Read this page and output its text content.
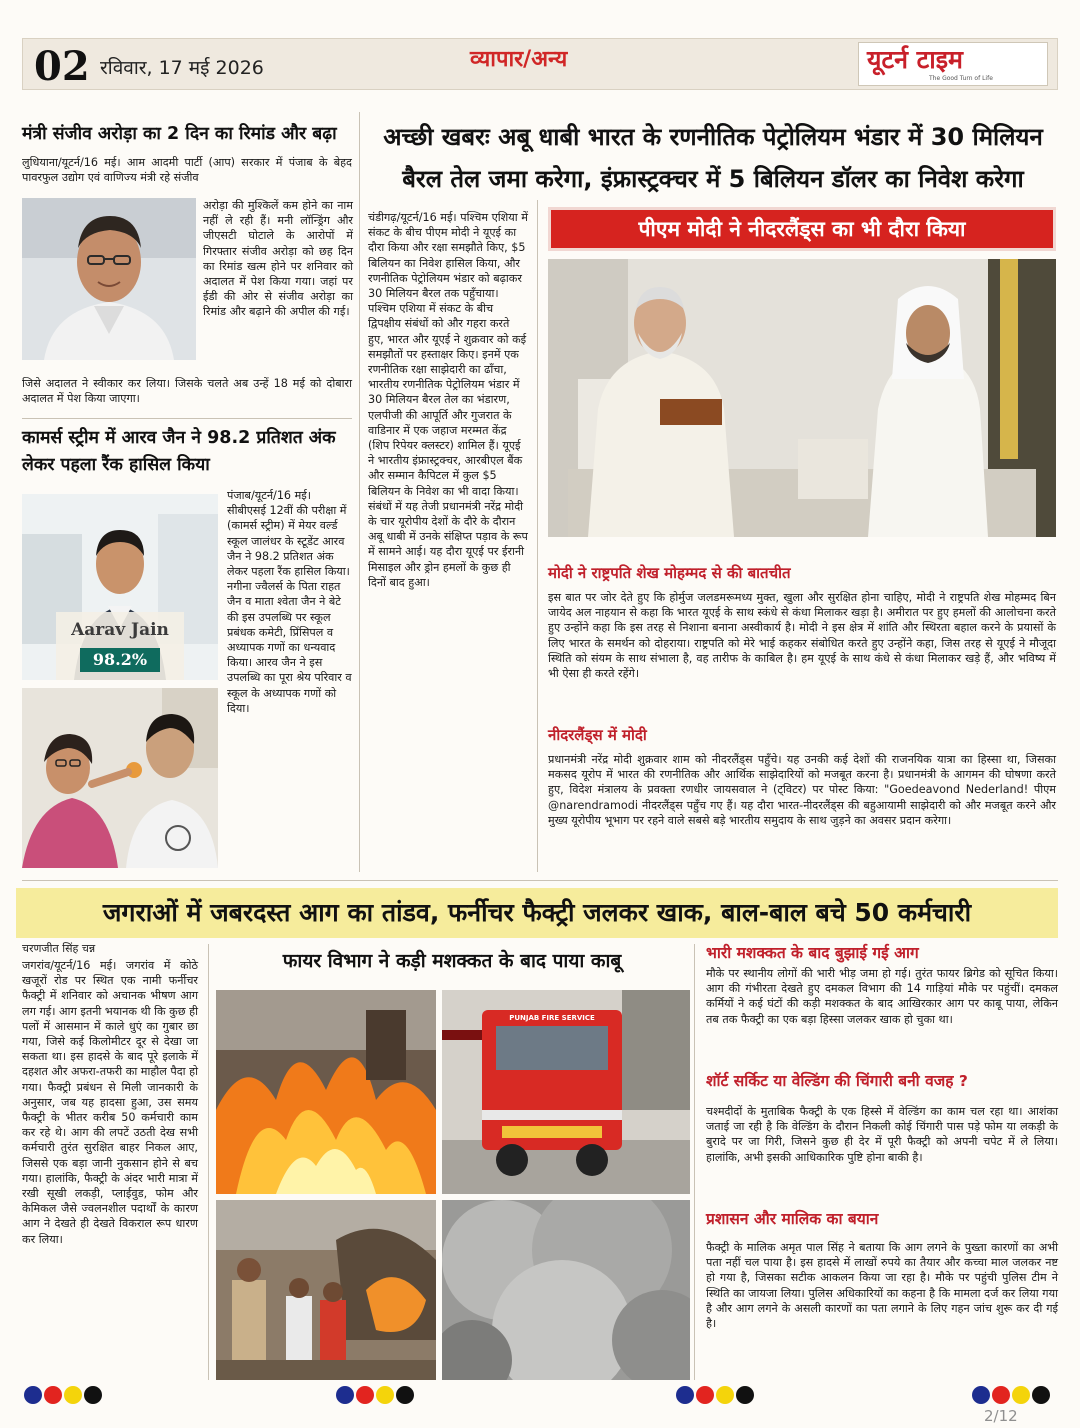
02 रविवार, 17 मई 2026	व्यापार/अन्य	यूटर्न टाइम
The Good Turn of Life
मंत्री संजीव अरोड़ा का 2 दिन का रिमांड और बढ़ा
लुधियाना/यूटर्न/16 मई। आम आदमी पार्टी (आप) सरकार में पंजाब के बेहद पावरफुल उद्योग एवं वाणिज्य मंत्री रहे संजीव
अरोड़ा की मुश्किलें कम होने का नाम नहीं ले रही हैं। मनी लॉन्ड्रिंग और जीएसटी घोटाले के आरोपों में गिरफ्तार संजीव अरोड़ा को छह दिन का रिमांड खत्म होने पर शनिवार को अदालत में पेश किया गया। जहां पर ईडी की ओर से संजीव अरोड़ा का रिमांड और बढ़ाने की अपील की गई।
जिसे अदालत ने स्वीकार कर लिया। जिसके चलते अब उन्हें 18 मई को दोबारा अदालत में पेश किया जाएगा।
कामर्स स्ट्रीम में आरव जैन ने 98.2 प्रतिशत अंक लेकर पहला रैंक हासिल किया
Aarav Jain
98.2%
पंजाब/यूटर्न/16 मई। सीबीएसई 12वीं की परीक्षा में (कामर्स स्ट्रीम) में मेयर वर्ल्ड स्कूल जालंधर के स्टूडेंट आरव जैन ने 98.2 प्रतिशत अंक लेकर पहला रैंक हासिल किया। नगीना ज्वैलर्स के पिता राहत जैन व माता श्वेता जैन ने बेटे की इस उपलब्धि पर स्कूल प्रबंधक कमेटी, प्रिंसिपल व अध्यापक गणों का धन्यवाद किया। आरव जैन ने इस उपलब्धि का पूरा श्रेय परिवार व स्कूल के अध्यापक गणों को दिया।
अच्छी खबरः अबू धाबी भारत के रणनीतिक पेट्रोलियम भंडार में 30 मिलियन बैरल तेल जमा करेगा, इंफ्रास्ट्रक्चर में 5 बिलियन डॉलर का निवेश करेगा
चंडीगढ़/यूटर्न/16 मई। पश्चिम एशिया में संकट के बीच पीएम मोदी ने यूएई का दौरा किया और रक्षा समझौते किए, $5 बिलियन का निवेश हासिल किया, और रणनीतिक पेट्रोलियम भंडार को बढ़ाकर 30 मिलियन बैरल तक पहुँचाया। पश्चिम एशिया में संकट के बीच द्विपक्षीय संबंधों को और गहरा करते हुए, भारत और यूएई ने शुक्रवार को कई समझौतों पर हस्ताक्षर किए। इनमें एक रणनीतिक रक्षा साझेदारी का ढाँचा, भारतीय रणनीतिक पेट्रोलियम भंडार में 30 मिलियन बैरल तेल का भंडारण, एलपीजी की आपूर्ति और गुजरात के वाडिनार में एक जहाज मरम्मत केंद्र (शिप रिपेयर क्लस्टर) शामिल हैं। यूएई ने भारतीय इंफ्रास्ट्रक्चर, आरबीएल बैंक और सम्मान कैपिटल में कुल $5 बिलियन के निवेश का भी वादा किया। संबंधों में यह तेजी प्रधानमंत्री नरेंद्र मोदी के चार यूरोपीय देशों के दौरे के दौरान अबू धाबी में उनके संक्षिप्त पड़ाव के रूप में सामने आई। यह दौरा यूएई पर ईरानी मिसाइल और ड्रोन हमलों के कुछ ही दिनों बाद हुआ।
पीएम मोदी ने नीदरलैंड्स का भी दौरा किया
मोदी ने राष्ट्रपति शेख मोहम्मद से की बातचीत
इस बात पर जोर देते हुए कि होर्मुज जलडमरूमध्य मुक्त, खुला और सुरक्षित होना चाहिए, मोदी ने राष्ट्रपति शेख मोहम्मद बिन जायेद अल नाहयान से कहा कि भारत यूएई के साथ स्कंधे से कंधा मिलाकर खड़ा है। अमीरात पर हुए हमलों की आलोचना करते हुए उन्होंने कहा कि इस तरह से निशाना बनाना अस्वीकार्य है। मोदी ने इस क्षेत्र में शांति और स्थिरता बहाल करने के प्रयासों के लिए भारत के समर्थन को दोहराया। राष्ट्रपति को मेरे भाई कहकर संबोधित करते हुए उन्होंने कहा, जिस तरह से यूएई ने मौजूदा स्थिति को संयम के साथ संभाला है, वह तारीफ के काबिल है। हम यूएई के साथ कंधे से कंधा मिलाकर खड़े हैं, और भविष्य में भी ऐसा ही करते रहेंगे।
नीदरलैंड्स में मोदी
प्रधानमंत्री नरेंद्र मोदी शुक्रवार शाम को नीदरलैंड्स पहुँचे। यह उनकी कई देशों की राजनयिक यात्रा का हिस्सा था, जिसका मकसद यूरोप में भारत की रणनीतिक और आर्थिक साझेदारियों को मजबूत करना है। प्रधानमंत्री के आगमन की घोषणा करते हुए, विदेश मंत्रालय के प्रवक्ता रणधीर जायसवाल ने (ट्विटर) पर पोस्ट किया: "Goedeavond Nederland! पीएम @narendramodi नीदरलैंड्स पहुँच गए हैं। यह दौरा भारत-नीदरलैंड्स की बहुआयामी साझेदारी को और मजबूत करने और मुख्य यूरोपीय भूभाग पर रहने वाले सबसे बड़े भारतीय समुदाय के साथ जुड़ने का अवसर प्रदान करेगा।
जगराओं में जबरदस्त आग का तांडव, फर्नीचर फैक्ट्री जलकर खाक, बाल-बाल बचे 50 कर्मचारी
चरणजीत सिंह चन्न
जगरांव/यूटर्न/16 मई। जगरांव में कोठे खजूरों रोड पर स्थित एक नामी फर्नीचर फैक्ट्री में शनिवार को अचानक भीषण आग लग गई। आग इतनी भयानक थी कि कुछ ही पलों में आसमान में काले धुएं का गुबार छा गया, जिसे कई किलोमीटर दूर से देखा जा सकता था। इस हादसे के बाद पूरे इलाके में दहशत और अफरा-तफरी का माहौल पैदा हो गया। फैक्ट्री प्रबंधन से मिली जानकारी के अनुसार, जब यह हादसा हुआ, उस समय फैक्ट्री के भीतर करीब 50 कर्मचारी काम कर रहे थे। आग की लपटें उठती देख सभी कर्मचारी तुरंत सुरक्षित बाहर निकल आए, जिससे एक बड़ा जानी नुकसान होने से बच गया। हालांकि, फैक्ट्री के अंदर भारी मात्रा में रखी सूखी लकड़ी, प्लाईवुड, फोम और केमिकल जैसे ज्वलनशील पदार्थों के कारण आग ने देखते ही देखते विकराल रूप धारण कर लिया।
फायर विभाग ने कड़ी मशक्कत के बाद पाया काबू
PUNJAB FIRE SERVICE
भारी मशक्कत के बाद बुझाई गई आग
मौके पर स्थानीय लोगों की भारी भीड़ जमा हो गई। तुरंत फायर ब्रिगेड को सूचित किया। आग की गंभीरता देखते हुए दमकल विभाग की 14 गाड़ियां मौके पर पहुंचीं। दमकल कर्मियों ने कई घंटों की कड़ी मशक्कत के बाद आखिरकार आग पर काबू पाया, लेकिन तब तक फैक्ट्री का एक बड़ा हिस्सा जलकर खाक हो चुका था।
शॉर्ट सर्किट या वेल्डिंग की चिंगारी बनी वजह ?
चश्मदीदों के मुताबिक फैक्ट्री के एक हिस्से में वेल्डिंग का काम चल रहा था। आशंका जताई जा रही है कि वेल्डिंग के दौरान निकली कोई चिंगारी पास पड़े फोम या लकड़ी के बुरादे पर जा गिरी, जिसने कुछ ही देर में पूरी फैक्ट्री को अपनी चपेट में ले लिया। हालांकि, अभी इसकी आधिकारिक पुष्टि होना बाकी है।
प्रशासन और मालिक का बयान
फैक्ट्री के मालिक अमृत पाल सिंह ने बताया कि आग लगने के पुख्ता कारणों का अभी पता नहीं चल पाया है। इस हादसे में लाखों रुपये का तैयार और कच्चा माल जलकर नष्ट हो गया है, जिसका सटीक आकलन किया जा रहा है। मौके पर पहुंची पुलिस टीम ने स्थिति का जायजा लिया। पुलिस अधिकारियों का कहना है कि मामला दर्ज कर लिया गया है और आग लगने के असली कारणों का पता लगाने के लिए गहन जांच शुरू कर दी गई है।
2/12
